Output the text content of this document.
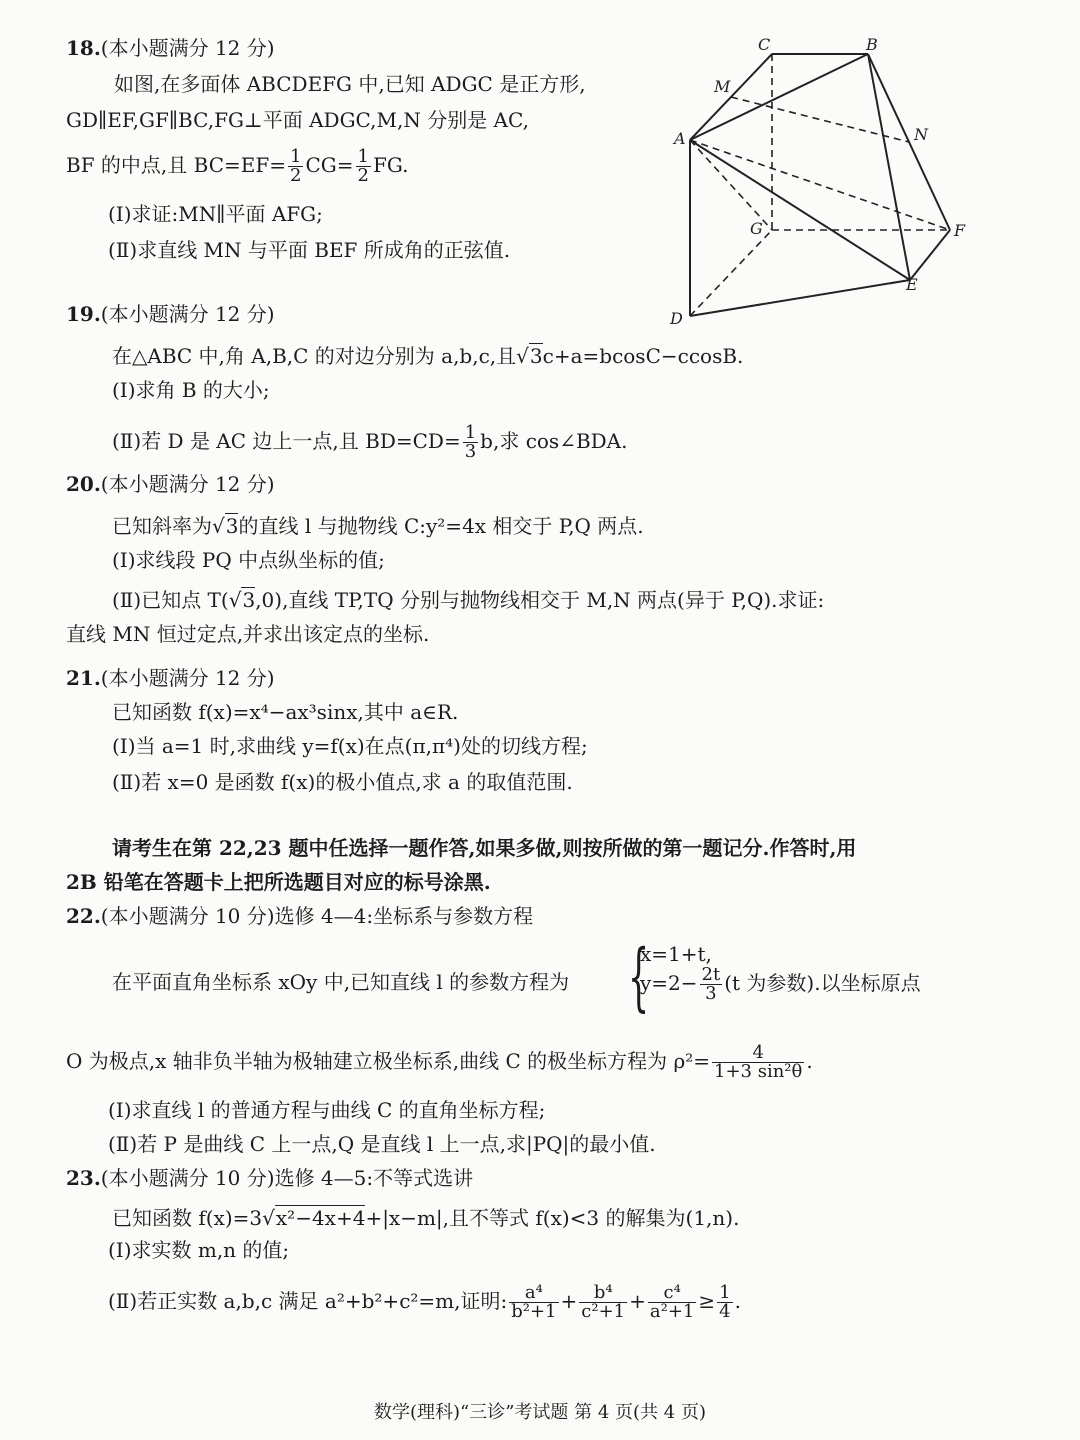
18.(本小题满分 12 分)
如图,在多面体 ABCDEFG 中,已知 ADGC 是正方形,
GD∥EF,GF∥BC,FG⊥平面 ADGC,M,N 分别是 AC,
BF 的中点,且 $BC=EF= \frac{1}{2} CG= \frac{1}{2}$ FG.
(Ⅰ)求证:MN∥平面 AFG;
(Ⅱ)求直线 MN 与平面 BEF 所成角的正弦值.
C	B
M
N
A
G	F
E
D
19.(本小题满分 12 分)
在△ABC 中,角 A,B,C 的对边分别为 a,b,c,且√3c+a=bcosC−ccosB.
(Ⅰ)求角 B 的大小;
(Ⅱ)若 D 是 AC 边上一点,且 $BD=CD= \frac{1}{3} b$,求 cos∠BDA.
20.(本小题满分 12 分)
已知斜率为√3的直线 l 与抛物线 C:y²=4x 相交于 P,Q 两点.
(Ⅰ)求线段 PQ 中点纵坐标的值;
(Ⅱ)已知点 T(√3,0),直线 TP,TQ 分别与抛物线相交于 M,N 两点(异于 P,Q).求证:
直线 MN 恒过定点,并求出该定点的坐标.
21.(本小题满分 12 分)
已知函数 f(x)=x⁴−ax³sinx,其中 a∈R.
(Ⅰ)当 a=1 时,求曲线 y=f(x)在点(π,π⁴)处的切线方程;
(Ⅱ)若 x=0 是函数 f(x)的极小值点,求 a 的取值范围.
请考生在第 22,23 题中任选择一题作答,如果多做,则按所做的第一题记分.作答时,用
2B 铅笔在答题卡上把所选题目对应的标号涂黑.
22.(本小题满分 10 分)选修 4—4:坐标系与参数方程
在平面直角坐标系 xOy 中,已知直线 l 的参数方程为 {
x=1+t,
$y=2- \frac{2t}{3} (t$ 为参数).以坐标原点
O 为极点,x 轴非负半轴为极轴建立极坐标系,曲线 C 的极坐标方程为 $\rho^2= \frac{4}{\text{1+3 sin²θ}}$ .
(Ⅰ)求直线 l 的普通方程与曲线 C 的直角坐标方程;
(Ⅱ)若 P 是曲线 C 上一点,Q 是直线 l 上一点,求|PQ|的最小值.
23.(本小题满分 10 分)选修 4—5:不等式选讲
已知函数 f(x)=3√x²−4x+4+|x−m|,且不等式 f(x)<3 的解集为(1,n).
(Ⅰ)求实数 m,n 的值;
(Ⅱ)若正实数 a,b,c 满足 a²+b²+c²=m,证明: $\frac{\text{a⁴}}{\text{b²+1}} + \frac{\text{b⁴}}{\text{c²+1}} + \frac{\text{c⁴}}{\text{a²+1}} \ge \frac{1}{4}$ .
数学(理科)“三诊”考试题 第 4 页(共 4 页)
